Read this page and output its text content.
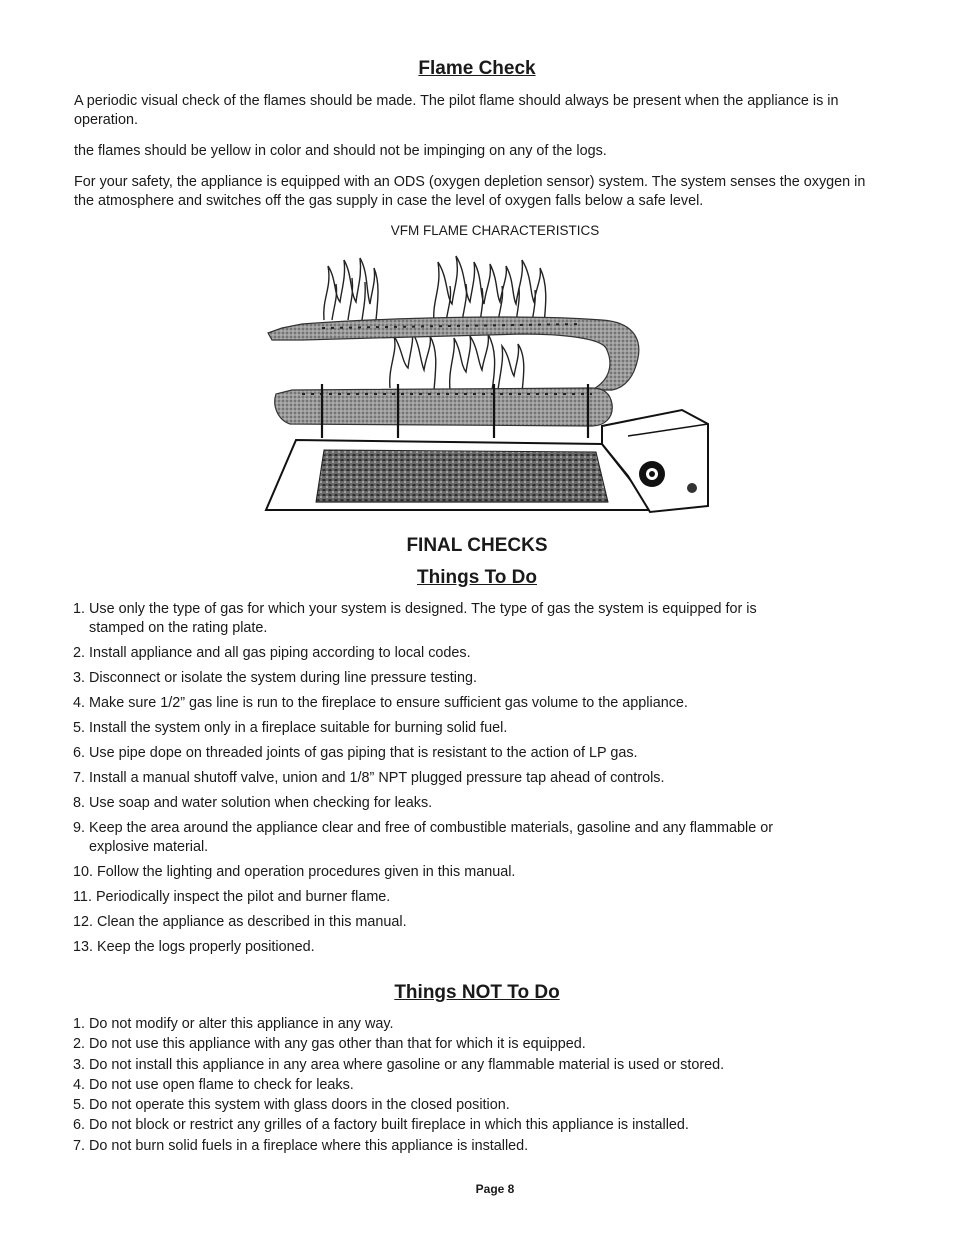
Flame Check

A periodic visual check of the flames should be made. The pilot flame should always be present when the appliance is in operation.

the flames should be yellow in color and should not be impinging on any of the logs.

For your safety, the appliance is equipped with an ODS (oxygen depletion sensor) system. The system senses the oxygen in the atmosphere and switches off the gas supply in case the level of oxygen falls below a safe level.

VFM FLAME CHARACTERISTICS

FINAL CHECKS
Things To Do
1. Use only the type of gas for which your system is designed. The type of gas the system is equipped for is
stamped on the rating plate.
2. Install appliance and all gas piping according to local codes.
3. Disconnect or isolate the system during line pressure testing.
4. Make sure 1/2” gas line is run to the fireplace to ensure sufficient gas volume to the appliance.
5. Install the system only in a fireplace suitable for burning solid fuel.
6. Use pipe dope on threaded joints of gas piping that is resistant to the action of LP gas.
7. Install a manual shutoff valve, union and 1/8” NPT plugged pressure tap ahead of controls.
8. Use soap and water solution when checking for leaks.
9. Keep the area around the appliance clear and free of combustible materials, gasoline and any flammable or
explosive material.
10. Follow the lighting and operation procedures given in this manual.
11. Periodically inspect the pilot and burner flame.
12. Clean the appliance as described in this manual.
13. Keep the logs properly positioned.
Things NOT To Do
1. Do not modify or alter this appliance in any way.
2. Do not use this appliance with any gas other than that for which it is equipped.
3. Do not install this appliance in any area where gasoline or any flammable material is used or stored.
4. Do not use open flame to check for leaks.
5. Do not operate this system with glass doors in the closed position.
6. Do not block or restrict any grilles of a factory built fireplace in which this appliance is installed.
7. Do not burn solid fuels in a fireplace where this appliance is installed.

Page 8
